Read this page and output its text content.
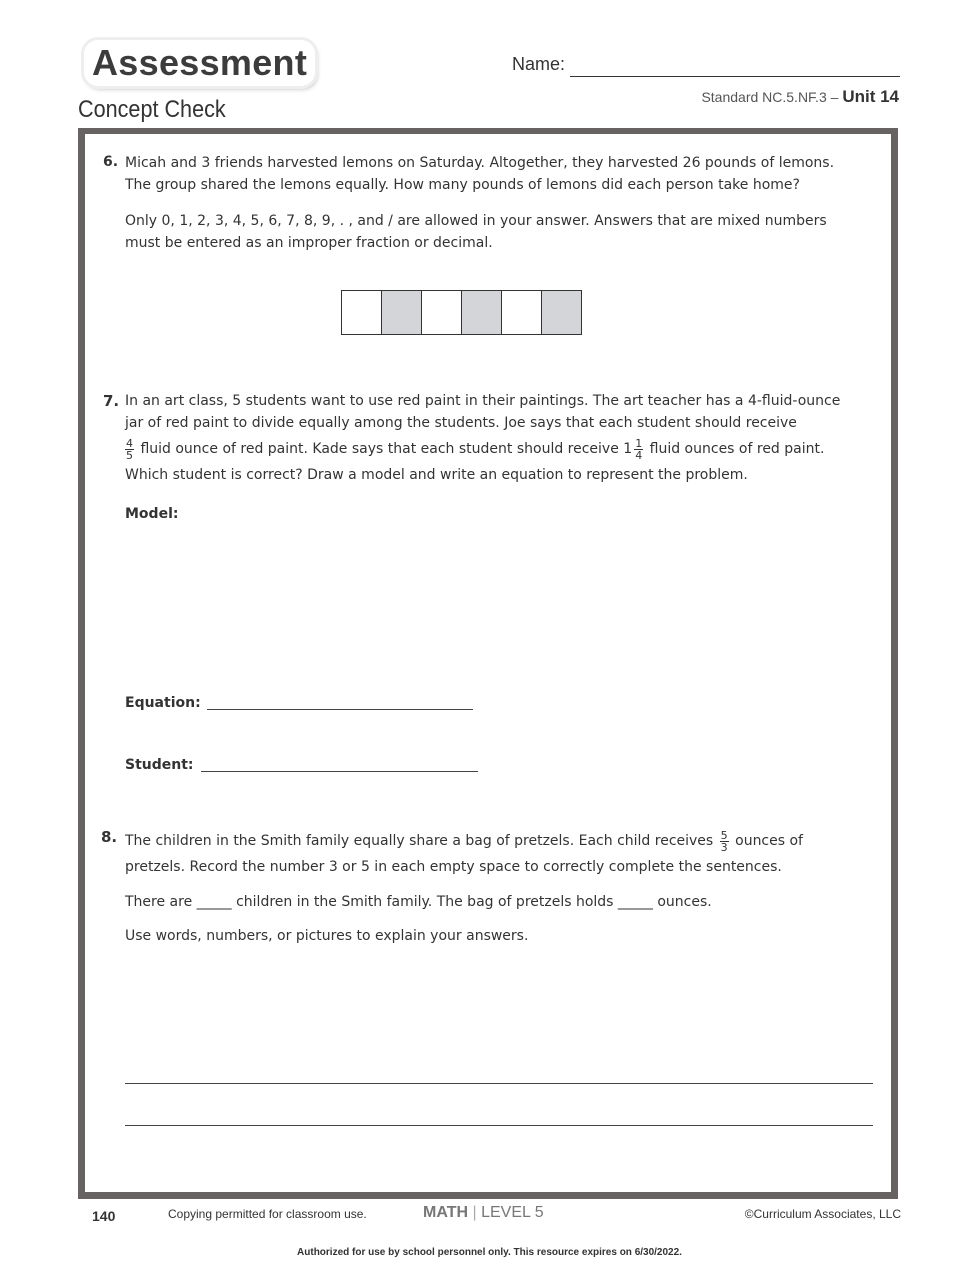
Assessment
Concept Check
Name:
Standard NC.5.NF.3 – Unit 14
6. Micah and 3 friends harvested lemons on Saturday. Altogether, they harvested 26 pounds of lemons.
The group shared the lemons equally. How many pounds of lemons did each person take home?
Only 0, 1, 2, 3, 4, 5, 6, 7, 8, 9, . , and / are allowed in your answer. Answers that are mixed numbers
must be entered as an improper fraction or decimal.
7. In an art class, 5 students want to use red paint in their paintings. The art teacher has a 4-fluid-ounce
jar of red paint to divide equally among the students. Joe says that each student should receive
$\frac{4}{5}$ fluid ounce of red paint. Kade says that each student should receive $1 \frac{1}{4}$ fluid ounces of red paint.
Which student is correct? Draw a model and write an equation to represent the problem.
Model:
Equation:
Student:
8. The children in the Smith family equally share a bag of pretzels. Each child receives $\frac{5}{3}$ ounces of
pretzels. Record the number 3 or 5 in each empty space to correctly complete the sentences.
There are _____ children in the Smith family. The bag of pretzels holds _____ ounces.
Use words, numbers, or pictures to explain your answers.
140	Copying permitted for classroom use.	MATH | LEVEL 5	©Curriculum Associates, LLC
Authorized for use by school personnel only. This resource expires on 6/30/2022.
